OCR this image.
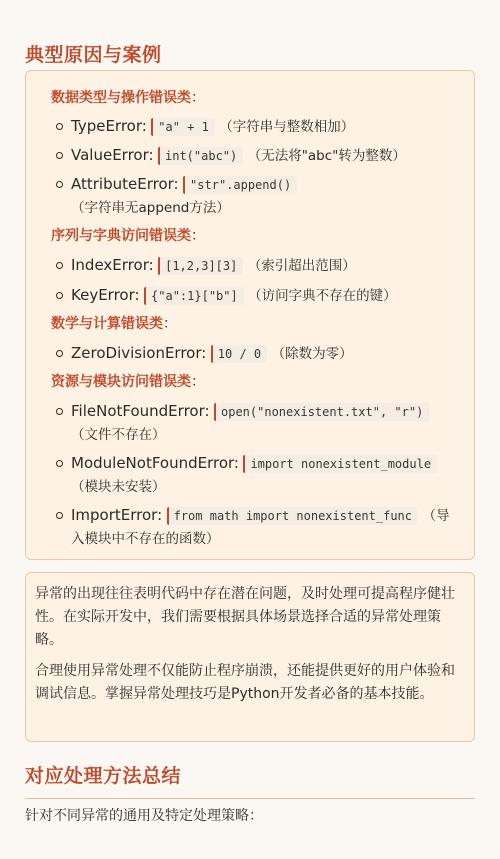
典型原因与案例
数据类型与操作错误类：
TypeError: "a" + 1 （字符串与整数相加）
ValueError: int("abc") （无法将"abc"转为整数）
AttributeError: "str".append() （字符串无append方法）
序列与字典访问错误类：
IndexError: [1,2,3][3] （索引超出范围）
KeyError: {"a":1}["b"] （访问字典不存在的键）
数学与计算错误类：
ZeroDivisionError: 10 / 0 （除数为零）
资源与模块访问错误类：
FileNotFoundError: open("nonexistent.txt", "r") （文件不存在）
ModuleNotFoundError: import nonexistent_module （模块未安装）
ImportError: from math import nonexistent_func （导入模块中不存在的函数）

异常的出现往往表明代码中存在潜在问题，及时处理可提高程序健壮性。在实际开发中，我们需要根据具体场景选择合适的异常处理策略。

合理使用异常处理不仅能防止程序崩溃，还能提供更好的用户体验和调试信息。掌握异常处理技巧是Python开发者必备的基本技能。

对应处理方法总结

针对不同异常的通用及特定处理策略：
